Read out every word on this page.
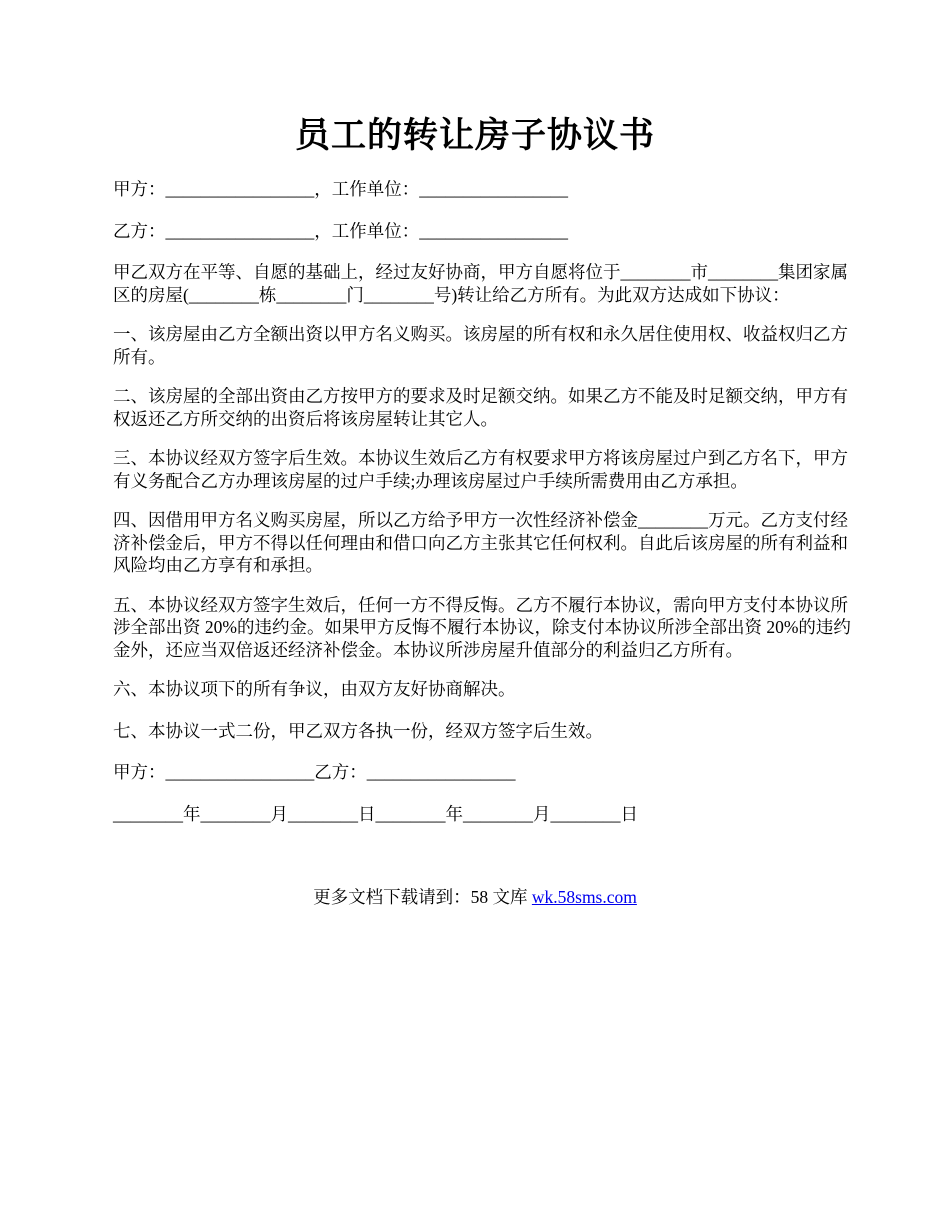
员工的转让房子协议书

甲方：_________________，工作单位：_________________

乙方：_________________，工作单位：_________________

甲乙双方在平等、自愿的基础上，经过友好协商，甲方自愿将位于________市________集团家属区的房屋(________栋________门________号)转让给乙方所有。为此双方达成如下协议：

一、该房屋由乙方全额出资以甲方名义购买。该房屋的所有权和永久居住使用权、收益权归乙方所有。

二、该房屋的全部出资由乙方按甲方的要求及时足额交纳。如果乙方不能及时足额交纳，甲方有权返还乙方所交纳的出资后将该房屋转让其它人。

三、本协议经双方签字后生效。本协议生效后乙方有权要求甲方将该房屋过户到乙方名下，甲方有义务配合乙方办理该房屋的过户手续;办理该房屋过户手续所需费用由乙方承担。

四、因借用甲方名义购买房屋，所以乙方给予甲方一次性经济补偿金________万元。乙方支付经济补偿金后，甲方不得以任何理由和借口向乙方主张其它任何权利。自此后该房屋的所有利益和风险均由乙方享有和承担。

五、本协议经双方签字生效后，任何一方不得反悔。乙方不履行本协议，需向甲方支付本协议所涉全部出资 20%的违约金。如果甲方反悔不履行本协议，除支付本协议所涉全部出资 20%的违约金外，还应当双倍返还经济补偿金。本协议所涉房屋升值部分的利益归乙方所有。

六、本协议项下的所有争议，由双方友好协商解决。

七、本协议一式二份，甲乙双方各执一份，经双方签字后生效。

甲方：_________________乙方：_________________

________年________月________日________年________月________日

更多文档下载请到：58 文库 wk.58sms.com
